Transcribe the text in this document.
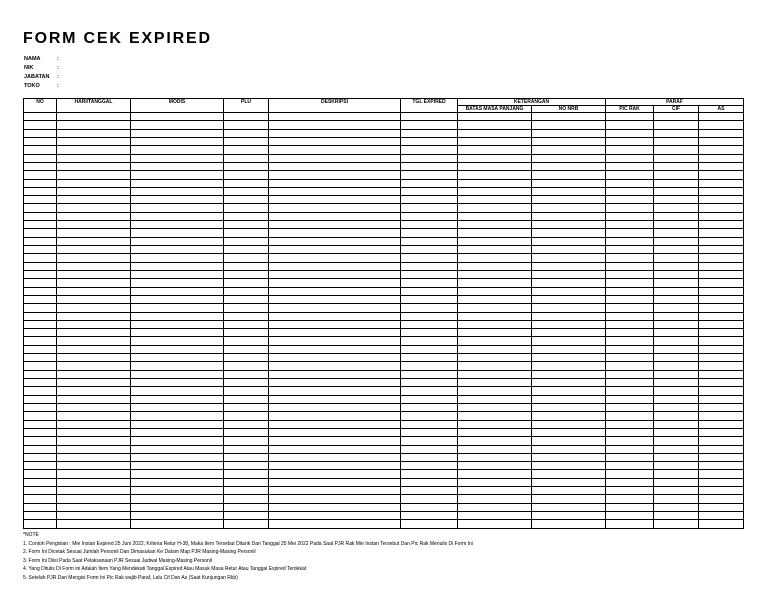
FORM CEK EXPIRED
NAMA	:
NIK	:
JABATAN	:
TOKO	:
NO	HARI/TANGGAL	MODIS	PLU	DESKRIPSI	TGL EXPIRED	KETERANGAN		PARAF		
						BATAS MASA PANJANG	NO NRB	PIC RAK	CIF	AS

*NOTE
1. Contoh Pengisian : Mie Instan Expired 25 Juni 2022, Kriteria Retur H-38, Maka Item Tersebut Ditarik Dari Tanggal 25 Mei 2022 Pada Saat PJR Rak Mie Instan Tersebut Dan Pic Rak Menulis Di Form Ini
2. Form Ini Dicetak Sesuai Jumlah Personil Dan Dimasukan Ke Dalam Map PJR Masing-Masing Personil
3. Form Ini Diisi Pada Saat Pelaksanaan PJR Sesuai Jadwal Masing-Masing Personil
4. Yang Ditulis Di Form ini Adalah Item Yang Mendekati Tanggal Expired Atau Masuk Masa Retur Atau Tanggal Expired Terdekat
5. Setelah PJR Dan Mengisi Form Ini Pic Rak wajib Paraf, Lalu Cif Dan As (Saat Kunjungan Rkb)
